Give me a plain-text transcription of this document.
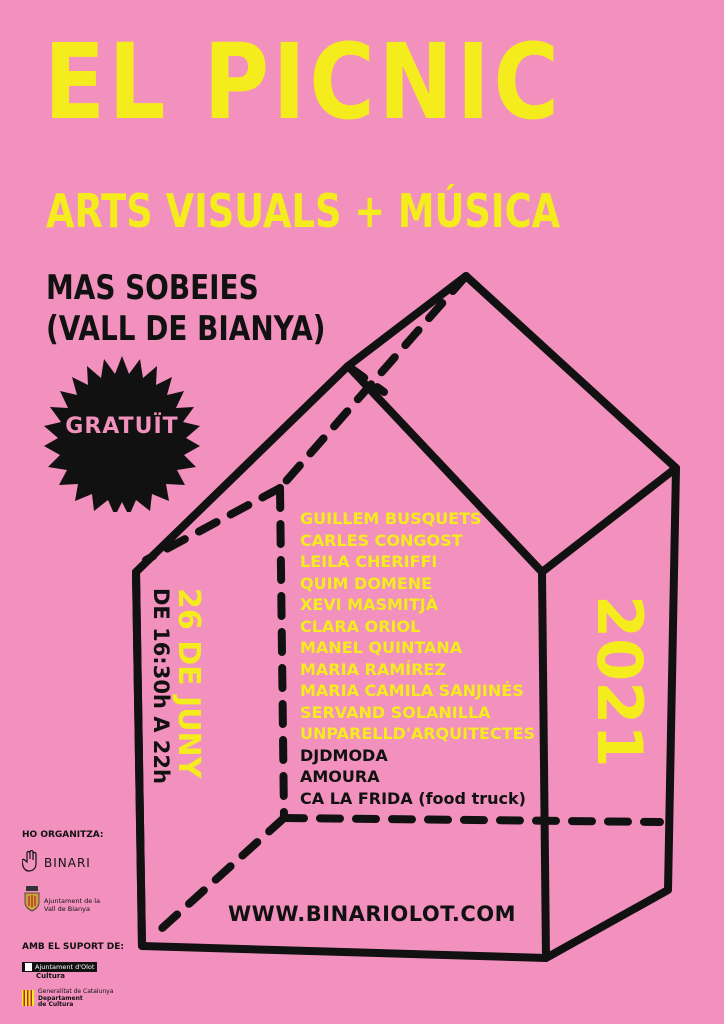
EL PICNIC
ARTS VISUALS + MÚSICA
MAS SOBEIES
(VALL DE BIANYA)
GRATUÏT
26 DE JUNY
DE 16:30h A 22h
GUILLEM BUSQUETS
CARLES CONGOST
LEILA CHERIFFI
QUIM DOMENE
XEVI MASMITJÀ
CLARA ORIOL
MANEL QUINTANA
MARIA RAMÍREZ
MARIA CAMILA SANJINÉS
SERVAND SOLANILLA
UNPARELLD'ARQUITECTES
DJDMODA
AMOURA
CA LA FRIDA (food truck)
2021
WWW.BINARIOLOT.COM
HO ORGANITZA:
BINARI
Ajuntament de la
Vall de Bianya
AMB EL SUPORT DE:
Ajuntament d'Olot
Cultura
Generalitat de Catalunya
Departament
de Cultura
